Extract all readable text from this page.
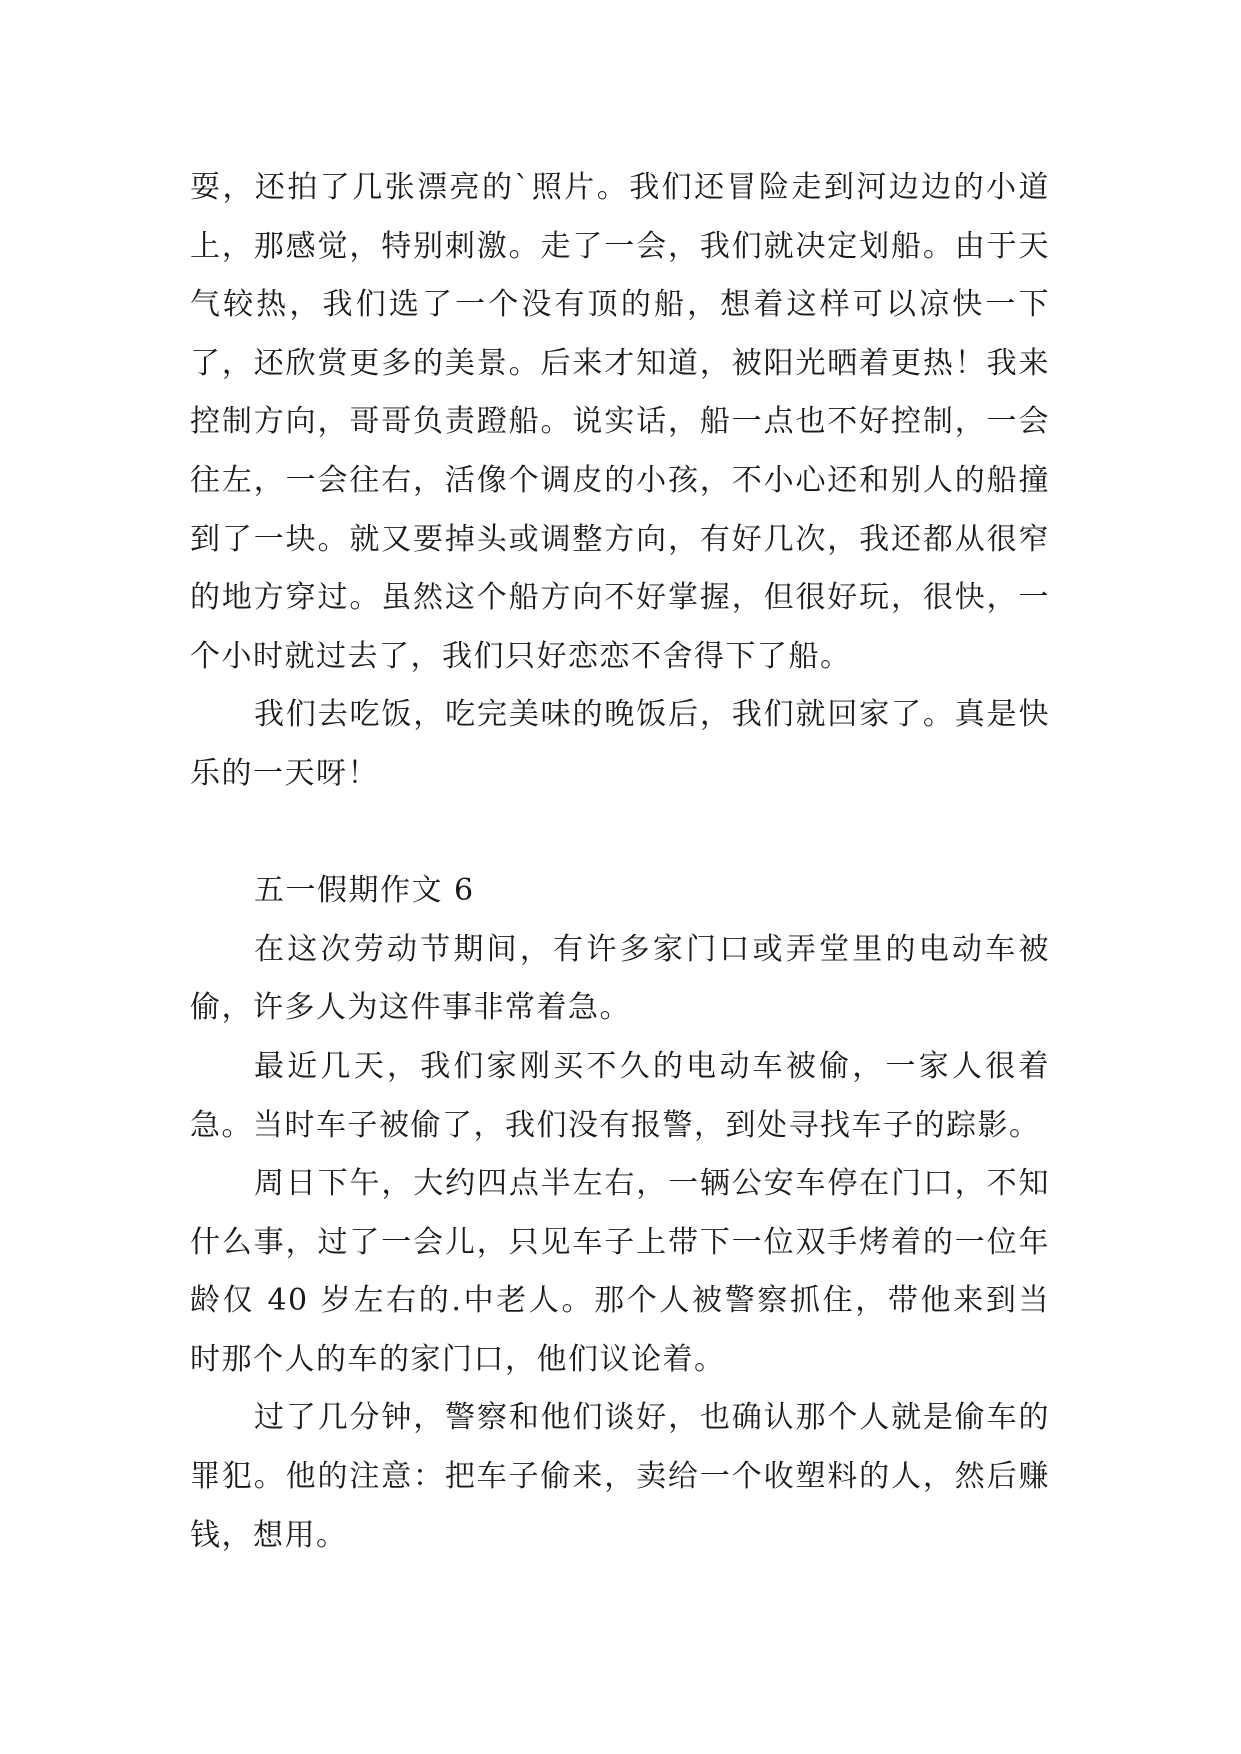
耍，还拍了几张漂亮的`照片。我们还冒险走到河边边的小道上，那感觉，特别刺激。走了一会，我们就决定划船。由于天气较热，我们选了一个没有顶的船，想着这样可以凉快一下了，还欣赏更多的美景。后来才知道，被阳光晒着更热！我来控制方向，哥哥负责蹬船。说实话，船一点也不好控制，一会往左，一会往右，活像个调皮的小孩，不小心还和别人的船撞到了一块。就又要掉头或调整方向，有好几次，我还都从很窄的地方穿过。虽然这个船方向不好掌握，但很好玩，很快，一个小时就过去了，我们只好恋恋不舍得下了船。

我们去吃饭，吃完美味的晚饭后，我们就回家了。真是快乐的一天呀！

五一假期作文 6

在这次劳动节期间，有许多家门口或弄堂里的电动车被偷，许多人为这件事非常着急。

最近几天，我们家刚买不久的电动车被偷，一家人很着急。当时车子被偷了，我们没有报警，到处寻找车子的踪影。

周日下午，大约四点半左右，一辆公安车停在门口，不知什么事，过了一会儿，只见车子上带下一位双手烤着的一位年龄仅 40 岁左右的.中老人。那个人被警察抓住，带他来到当时那个人的车的家门口，他们议论着。

过了几分钟，警察和他们谈好，也确认那个人就是偷车的罪犯。他的注意：把车子偷来，卖给一个收塑料的人，然后赚钱，想用。
